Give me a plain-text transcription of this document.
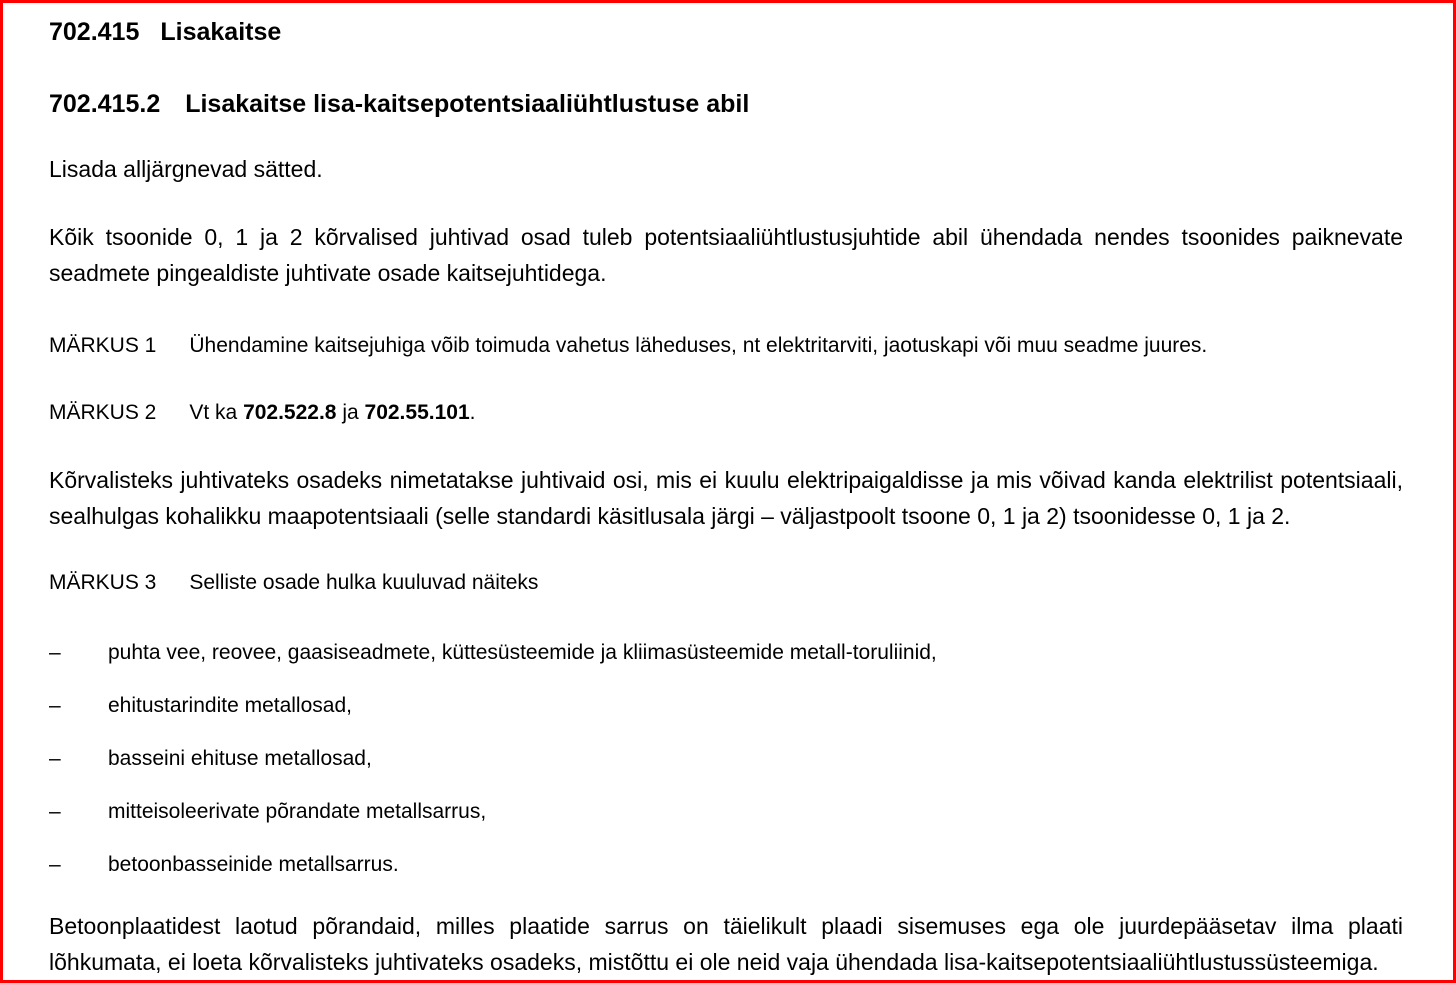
702.415 Lisakaitse
702.415.2 Lisakaitse lisa-kaitsepotentsiaaliühtlustuse abil
Lisada alljärgnevad sätted.
Kõik tsoonide 0, 1 ja 2 kõrvalised juhtivad osad tuleb potentsiaaliühtlustusjuhtide abil ühendada nendes tsoonides paiknevate seadmete pingealdiste juhtivate osade kaitsejuhtidega.
MÄRKUS 1 Ühendamine kaitsejuhiga võib toimuda vahetus läheduses, nt elektritarviti, jaotuskapi või muu seadme juures.
MÄRKUS 2 Vt ka 702.522.8 ja 702.55.101.
Kõrvalisteks juhtivateks osadeks nimetatakse juhtivaid osi, mis ei kuulu elektripaigaldisse ja mis võivad kanda elektrilist potentsiaali, sealhulgas kohalikku maapotentsiaali (selle standardi käsitlusala järgi – väljastpoolt tsoone 0, 1 ja 2) tsoonidesse 0, 1 ja 2.
MÄRKUS 3 Selliste osade hulka kuuluvad näiteks
–	puhta vee, reovee, gaasiseadmete, küttesüsteemide ja kliimasüsteemide metall-toruliinid,
–	ehitustarindite metallosad,
–	basseini ehituse metallosad,
–	mitteisoleerivate põrandate metallsarrus,
–	betoonbasseinide metallsarrus.
Betoonplaatidest laotud põrandaid, milles plaatide sarrus on täielikult plaadi sisemuses ega ole juurdepääsetav ilma plaati lõhkumata, ei loeta kõrvalisteks juhtivateks osadeks, mistõttu ei ole neid vaja ühendada lisa-kaitsepotentsiaaliühtlustussüsteemiga.
